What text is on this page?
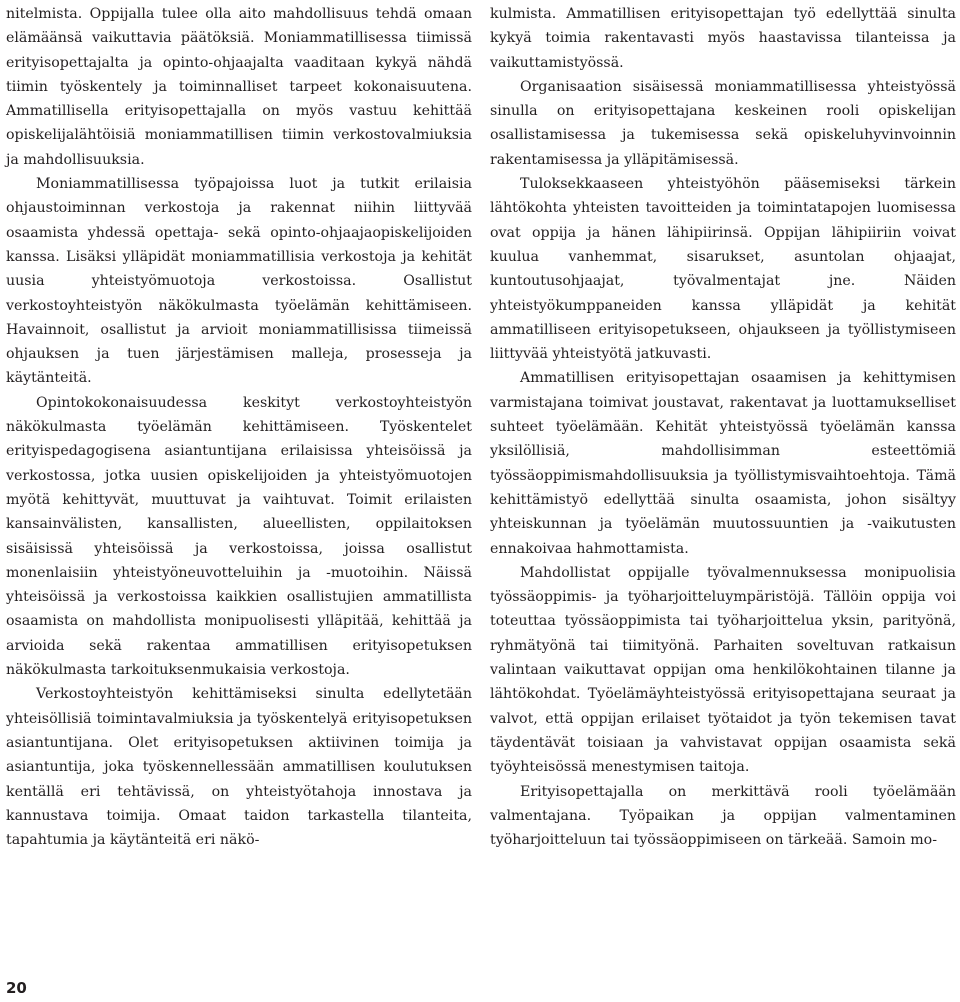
nitelmista. Oppijalla tulee olla aito mahdollisuus tehdä omaan elämäänsä vaikuttavia päätöksiä. Moniammatillisessa tiimissä erityisopettajalta ja opinto-ohjaajalta vaaditaan kykyä nähdä tiimin työskentely ja toiminnalliset tarpeet kokonaisuutena. Ammatillisella erityisopettajalla on myös vastuu kehittää opiskelijalähtöisiä moniammatillisen tiimin verkostovalmiuksia ja mahdollisuuksia.

Moniammatillisessa työpajoissa luot ja tutkit erilaisia ohjaustoiminnan verkostoja ja rakennat niihin liittyvää osaamista yhdessä opettaja- sekä opinto-ohjaajaopiskelijoiden kanssa. Lisäksi ylläpidät moniammatillisia verkostoja ja kehität uusia yhteistyömuotoja verkostoissa. Osallistut verkostoyhteistyön näkökulmasta työelämän kehittämiseen. Havainnoit, osallistut ja arvioit moniammatillisissa tiimeissä ohjauksen ja tuen järjestämisen malleja, prosesseja ja käytänteitä.

Opintokokonaisuudessa keskityt verkostoyhteistyön näkökulmasta työelämän kehittämiseen. Työskentelet erityispedagogisena asiantuntijana erilaisissa yhteisöissä ja verkostossa, jotka uusien opiskelijoiden ja yhteistyömuotojen myötä kehittyvät, muuttuvat ja vaihtuvat. Toimit erilaisten kansainvälisten, kansallisten, alueellisten, oppilaitoksen sisäisissä yhteisöissä ja verkostoissa, joissa osallistut monenlaisiin yhteistyöneuvotteluihin ja -muotoihin. Näissä yhteisöissä ja verkostoissa kaikkien osallistujien ammatillista osaamista on mahdollista monipuolisesti ylläpitää, kehittää ja arvioida sekä rakentaa ammatillisen erityisopetuksen näkökulmasta tarkoituksenmukaisia verkostoja.

Verkostoyhteistyön kehittämiseksi sinulta edellytetään yhteisöllisiä toimintavalmiuksia ja työskentelyä erityisopetuksen asiantuntijana. Olet erityisopetuksen aktiivinen toimija ja asiantuntija, joka työskennellessään ammatillisen koulutuksen kentällä eri tehtävissä, on yhteistyötahoja innostava ja kannustava toimija. Omaat taidon tarkastella tilanteita, tapahtumia ja käytänteitä eri näkö-

kulmista. Ammatillisen erityisopettajan työ edellyttää sinulta kykyä toimia rakentavasti myös haastavissa tilanteissa ja vaikuttamistyössä.

Organisaation sisäisessä moniammatillisessa yhteistyössä sinulla on erityisopettajana keskeinen rooli opiskelijan osallistamisessa ja tukemisessa sekä opiskeluhyvinvoinnin rakentamisessa ja ylläpitämisessä.

Tuloksekkaaseen yhteistyöhön pääsemiseksi tärkein lähtökohta yhteisten tavoitteiden ja toimintatapojen luomisessa ovat oppija ja hänen lähipiirinsä. Oppijan lähipiiriin voivat kuulua vanhemmat, sisarukset, asuntolan ohjaajat, kuntoutusohjaajat, työvalmentajat jne. Näiden yhteistyökumppaneiden kanssa ylläpidät ja kehität ammatilliseen erityisopetukseen, ohjaukseen ja työllistymiseen liittyvää yhteistyötä jatkuvasti.

Ammatillisen erityisopettajan osaamisen ja kehittymisen varmistajana toimivat joustavat, rakentavat ja luottamukselliset suhteet työelämään. Kehität yhteistyössä työelämän kanssa yksilöllisiä, mahdollisimman esteettömiä työssäoppimismahdollisuuksia ja työllistymisvaihtoehtoja. Tämä kehittämistyö edellyttää sinulta osaamista, johon sisältyy yhteiskunnan ja työelämän muutossuuntien ja -vaikutusten ennakoivaa hahmottamista.

Mahdollistat oppijalle työvalmennuksessa monipuolisia työssäoppimis- ja työharjoitteluympäristöjä. Tällöin oppija voi toteuttaa työssäoppimista tai työharjoittelua yksin, parityönä, ryhmätyönä tai tiimityönä. Parhaiten soveltuvan ratkaisun valintaan vaikuttavat oppijan oma henkilökohtainen tilanne ja lähtökohdat. Työelämäyhteistyössä erityisopettajana seuraat ja valvot, että oppijan erilaiset työtaidot ja työn tekemisen tavat täydentävät toisiaan ja vahvistavat oppijan osaamista sekä työyhteisössä menestymisen taitoja.

Erityisopettajalla on merkittävä rooli työelämään valmentajana. Työpaikan ja oppijan valmentaminen työharjoitteluun tai työssäoppimiseen on tärkeää. Samoin mo-

20
